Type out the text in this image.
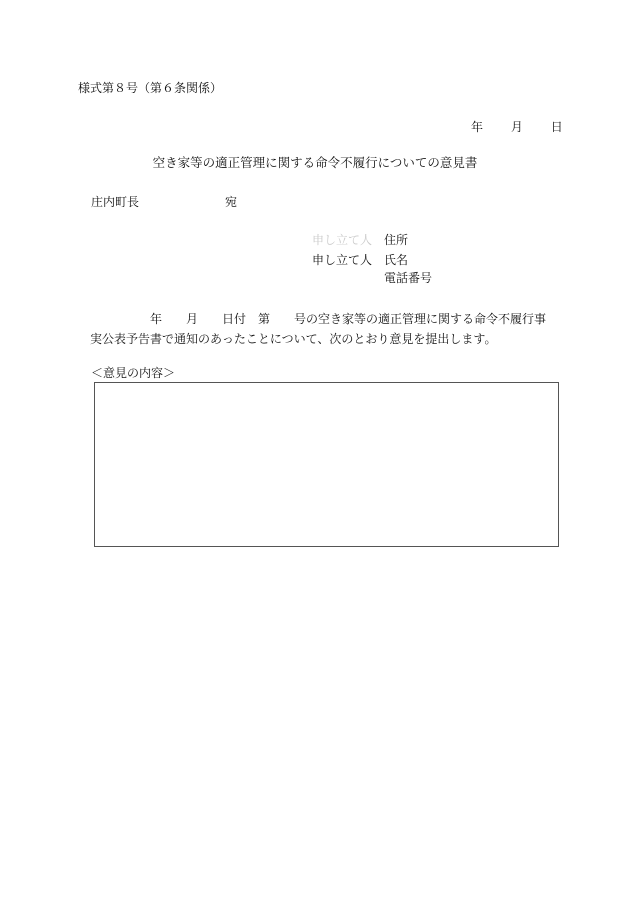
様式第８号（第６条関係）
年 月 日
空き家等の適正管理に関する命令不履行についての意見書
庄内町長	宛
申し立て人
申し立て人
住所
氏名
電話番号
年　　月　　日付　第　　号の空き家等の適正管理に関する命令不履行事
実公表予告書で通知のあったことについて、次のとおり意見を提出します。
＜意見の内容＞
